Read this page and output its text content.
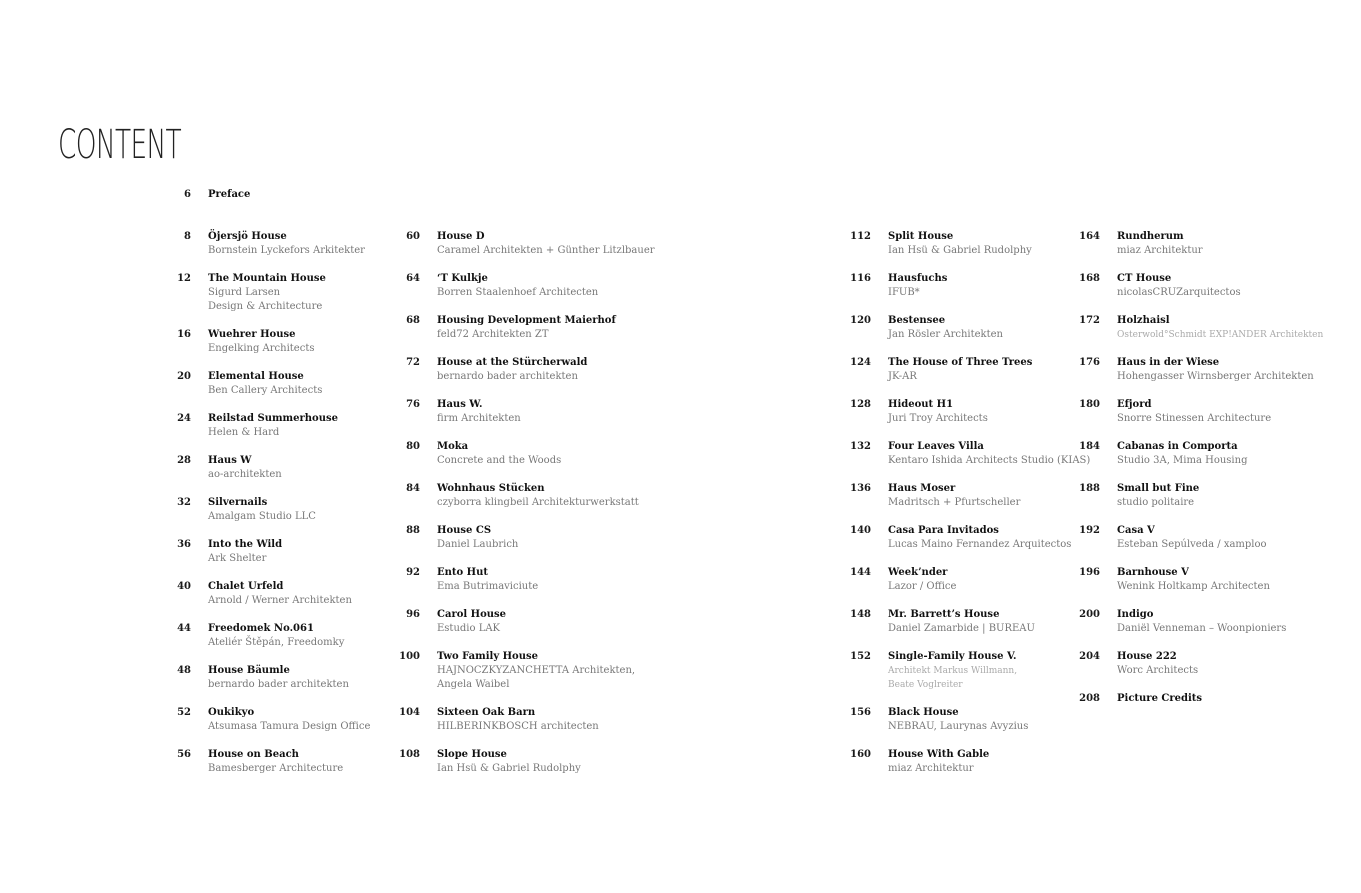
CONTENT
6 Preface
8 Öjersjö House
Bornstein Lyckefors Arkitekter
12 The Mountain House
Sigurd Larsen
Design & Architecture
16 Wuehrer House
Engelking Architects
20 Elemental House
Ben Callery Architects
24 Reilstad Summerhouse
Helen & Hard
28 Haus W
ao-architekten
32 Silvernails
Amalgam Studio LLC
36 Into the Wild
Ark Shelter
40 Chalet Urfeld
Arnold / Werner Architekten
44 Freedomek No.061
Ateliér Štěpán, Freedomky
48 House Bäumle
bernardo bader architekten
52 Oukikyo
Atsumasa Tamura Design Office
56 House on Beach
Bamesberger Architecture
60 House D
Caramel Architekten + Günther Litzlbauer
64 ‘T Kulkje
Borren Staalenhoef Architecten
68 Housing Development Maierhof
feld72 Architekten ZT
72 House at the Stürcherwald
bernardo bader architekten
76 Haus W.
firm Architekten
80 Moka
Concrete and the Woods
84 Wohnhaus Stücken
czyborra klingbeil Architekturwerkstatt
88 House CS
Daniel Laubrich
92 Ento Hut
Ema Butrimaviciute
96 Carol House
Estudio LAK
100 Two Family House
HAJNOCZKYZANCHETTA Architekten,
Angela Waibel
104 Sixteen Oak Barn
HILBERINKBOSCH architecten
108 Slope House
Ian Hsü & Gabriel Rudolphy
112 Split House
Ian Hsü & Gabriel Rudolphy
116 Hausfuchs
IFUB*
120 Bestensee
Jan Rösler Architekten
124 The House of Three Trees
JK-AR
128 Hideout H1
Juri Troy Architects
132 Four Leaves Villa
Kentaro Ishida Architects Studio (KIAS)
136 Haus Moser
Madritsch + Pfurtscheller
140 Casa Para Invitados
Lucas Maino Fernandez Arquitectos
144 Week’nder
Lazor / Office
148 Mr. Barrett’s House
Daniel Zamarbide | BUREAU
152 Single-Family House V.
Architekt Markus Willmann,
Beate Voglreiter
156 Black House
NEBRAU, Laurynas Avyzius
160 House With Gable
miaz Architektur
164 Rundherum
miaz Architektur
168 CT House
nicolasCRUZarquitectos
172 Holzhaisl
Osterwold°Schmidt EXP!ANDER Architekten
176 Haus in der Wiese
Hohengasser Wirnsberger Architekten
180 Efjord
Snorre Stinessen Architecture
184 Cabanas in Comporta
Studio 3A, Mima Housing
188 Small but Fine
studio politaire
192 Casa V
Esteban Sepúlveda / xamploo
196 Barnhouse V
Wenink Holtkamp Architecten
200 Indigo
Daniël Venneman – Woonpioniers
204 House 222
Worc Architects
208 Picture Credits
